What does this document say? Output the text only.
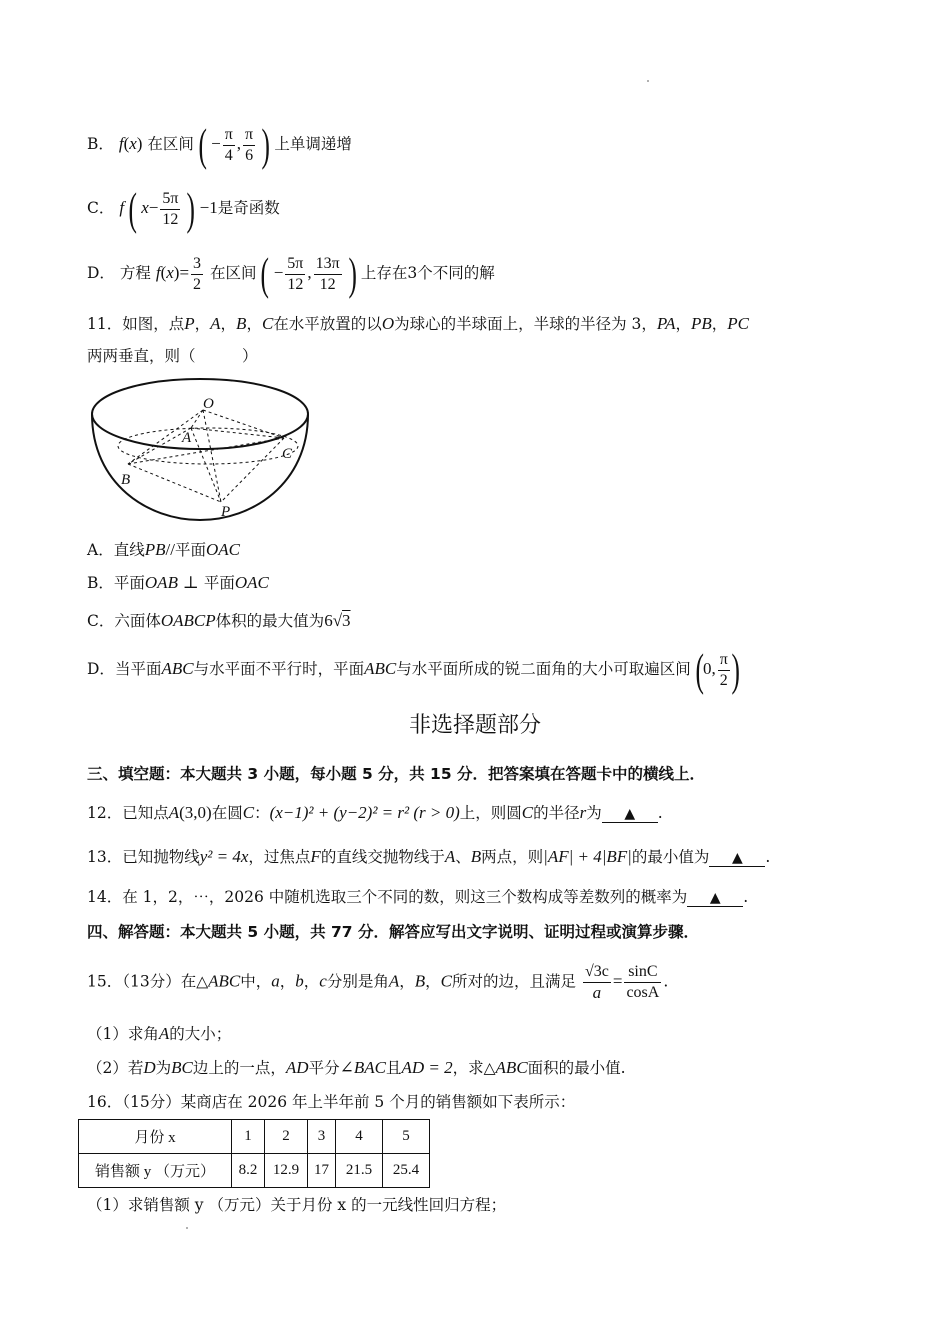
B． f(x) 在区间 ( − $\frac{\pi}{4}$ , $\frac{\pi}{6}$ ) 上单调递增
C． f ( $x- \frac{5\pi}{12}$ ) −1是奇函数
D． 方程 $f(x)= \frac{3}{2}$ 在区间 ( − $\frac{5\pi}{12}$ , $\frac{13\pi}{12}$ ) 上存在3个不同的解
11．如图，点P，A，B，C在水平放置的以O为球心的半球面上，半球的半径为 3，PA，PB，PC
两两垂直，则（　　　）
O
A
B
C
P
A．直线PB//平面OAC
B．平面OAB ⊥ 平面OAC
C．六面体OABCP体积的最大值为6√3
D．当平面ABC与水平面不平行时，平面ABC与水平面所成的锐二面角的大小可取遍区间 (0, $\frac{\pi}{2}$ )
非选择题部分
三、填空题：本大题共 3 小题，每小题 5 分，共 15 分．把答案填在答题卡中的横线上．
12．已知点A(3,0)在圆C：(x−1)² + (y−2)² = r² (r > 0)上，则圆C的半径r为 ▲ .
13．已知抛物线y² = 4x，过焦点F的直线交抛物线于A、B两点，则|AF| + 4|BF|的最小值为 ▲ .
14．在 1，2，⋯，2026 中随机选取三个不同的数，则这三个数构成等差数列的概率为 ▲ .
四、解答题：本大题共 5 小题，共 77 分．解答应写出文字说明、证明过程或演算步骤．
15．（13分）在△ABC中，a，b，c分别是角A，B，C所对的边，且满足 $\frac{√3c}{a} = \frac{\sin C}{\cos A}$ .
（1）求角A的大小；
（2）若D为BC边上的一点，AD平分∠BAC且AD = 2，求△ABC面积的最小值.
16．（15分）某商店在 2026 年上半年前 5 个月的销售额如下表所示：
月份 x	1	2	3	4	5
销售额 y （万元）	8.2	12.9	17	21.5	25.4
（1）求销售额 y （万元）关于月份 x 的一元线性回归方程；
